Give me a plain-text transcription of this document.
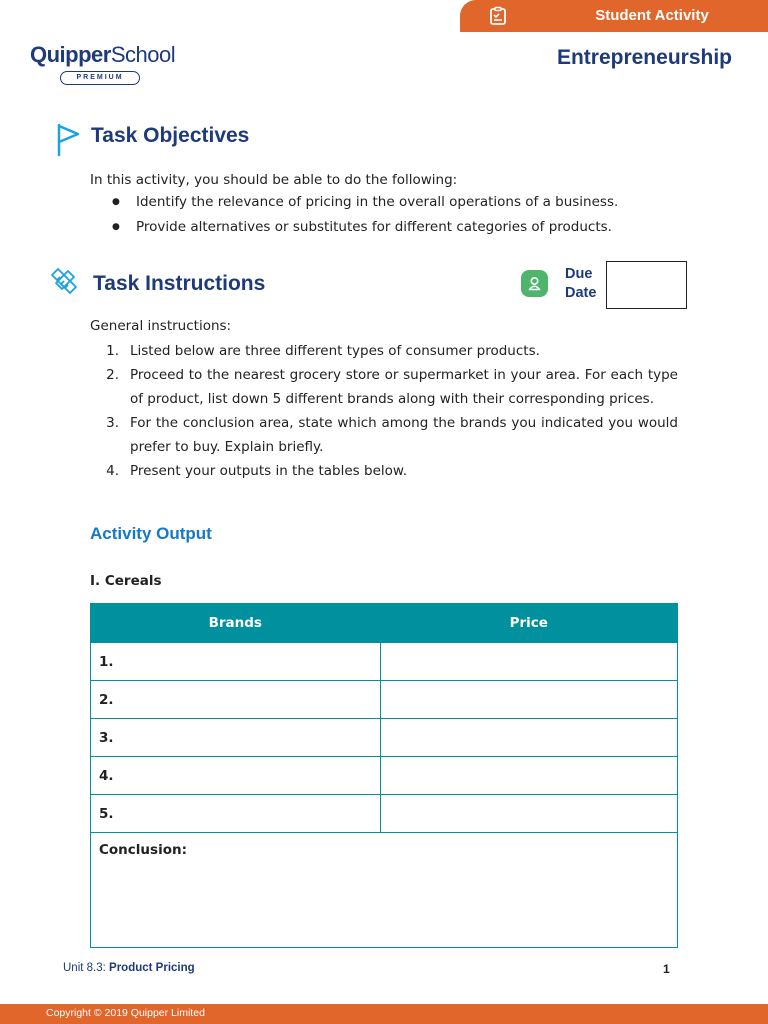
Student Activity
QuipperSchool
PREMIUM
Entrepreneurship
Task Objectives
In this activity, you should be able to do the following:
● Identify the relevance of pricing in the overall operations of a business.
● Provide alternatives or substitutes for different categories of products.
Task Instructions	Due
Date
General instructions:
1. Listed below are three different types of consumer products.
2. Proceed to the nearest grocery store or supermarket in your area. For each type of product, list down 5 different brands along with their corresponding prices.
3. For the conclusion area, state which among the brands you indicated you would prefer to buy. Explain briefly.
4. Present your outputs in the tables below.
Activity Output
I. Cereals
Brands	Price
1.	
2.	
3.	
4.	
5.	
Conclusion:	
Unit 8.3: Product Pricing	1
Copyright © 2019 Quipper Limited
